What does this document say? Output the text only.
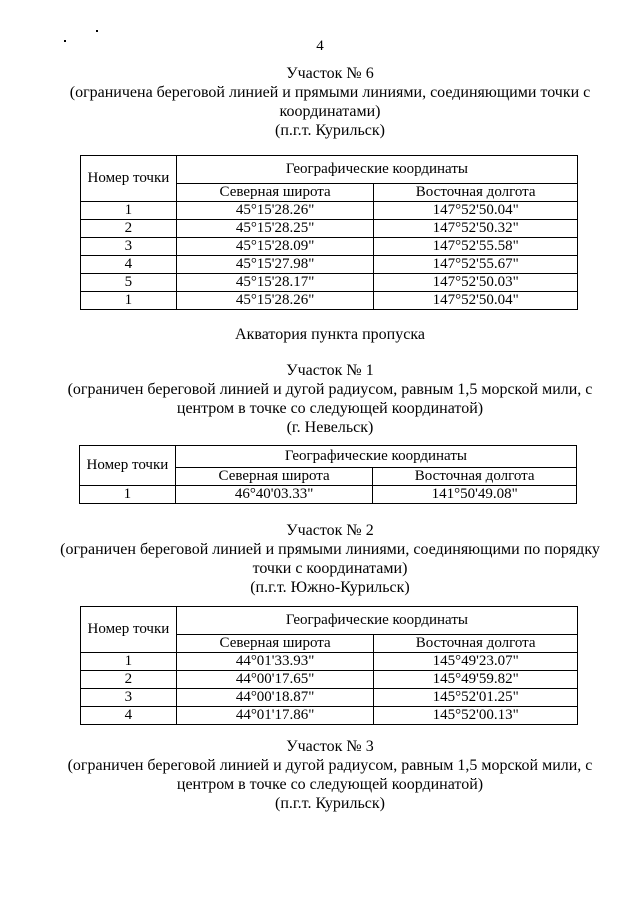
4
Участок № 6
(ограничена береговой линией и прямыми линиями, соединяющими точки с
координатами)
(п.г.т. Курильск)
Номер точки	Географические координаты	
	Северная широта	Восточная долгота
1	45°15'28.26"	147°52'50.04"
2	45°15'28.25"	147°52'50.32"
3	45°15'28.09"	147°52'55.58"
4	45°15'27.98"	147°52'55.67"
5	45°15'28.17"	147°52'50.03"
1	45°15'28.26"	147°52'50.04"
Акватория пункта пропуска
Участок № 1
(ограничен береговой линией и дугой радиусом, равным 1,5 морской мили, с
центром в точке со следующей координатой)
(г. Невельск)
Номер точки	Географические координаты	
	Северная широта	Восточная долгота
1	46°40'03.33"	141°50'49.08"
Участок № 2
(ограничен береговой линией и прямыми линиями, соединяющими по порядку
точки с координатами)
(п.г.т. Южно-Курильск)
Номер точки	Географические координаты	
	Северная широта	Восточная долгота
1	44°01'33.93"	145°49'23.07"
2	44°00'17.65"	145°49'59.82"
3	44°00'18.87"	145°52'01.25"
4	44°01'17.86"	145°52'00.13"
Участок № 3
(ограничен береговой линией и дугой радиусом, равным 1,5 морской мили, с
центром в точке со следующей координатой)
(п.г.т. Курильск)
